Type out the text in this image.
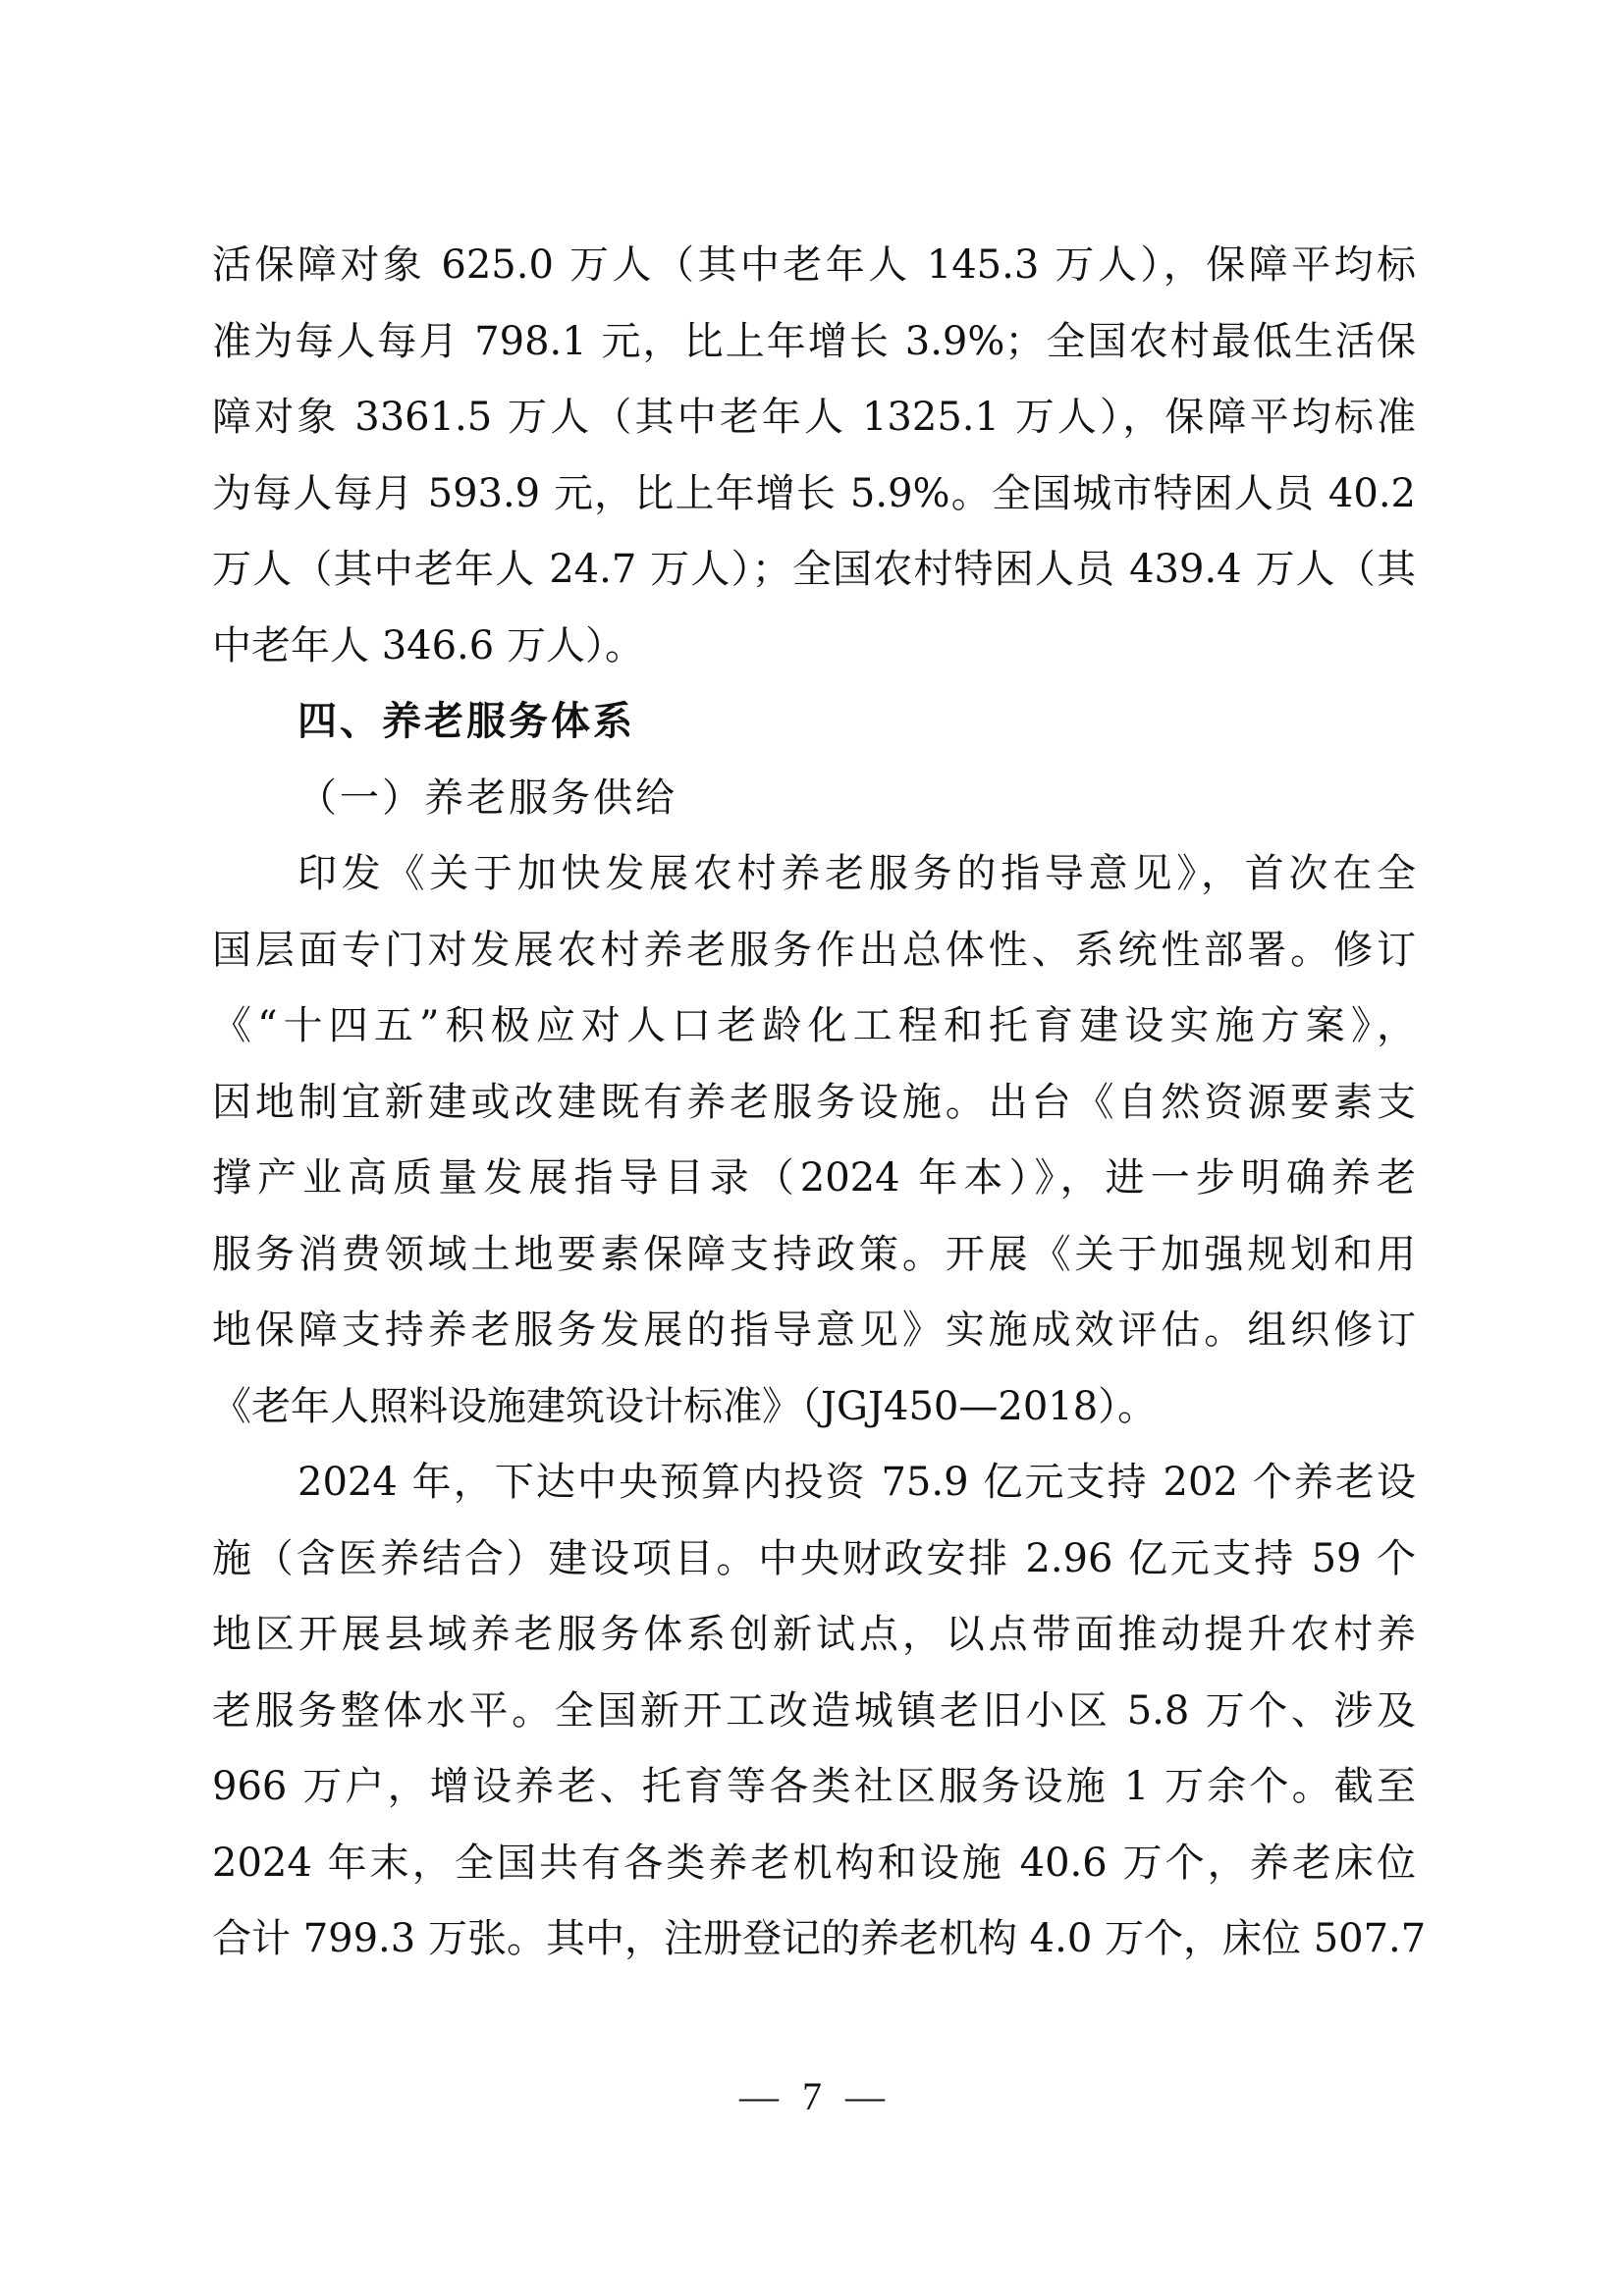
活保障对象 625.0 万人（其中老年人 145.3 万人），保障平均标
准为每人每月 798.1 元，比上年增长 3.9%；全国农村最低生活保
障对象 3361.5 万人（其中老年人 1325.1 万人），保障平均标准
为每人每月 593.9 元，比上年增长 5.9%。全国城市特困人员 40.2
万人（其中老年人 24.7 万人）；全国农村特困人员 439.4 万人（其
中老年人 346.6 万人）。
四、养老服务体系
（一）养老服务供给
印发《关于加快发展农村养老服务的指导意见》，首次在全
国层面专门对发展农村养老服务作出总体性、系统性部署。修订
《“十四五”积极应对人口老龄化工程和托育建设实施方案》，
因地制宜新建或改建既有养老服务设施。出台《自然资源要素支
撑产业高质量发展指导目录（2024 年本）》，进一步明确养老
服务消费领域土地要素保障支持政策。开展《关于加强规划和用
地保障支持养老服务发展的指导意见》实施成效评估。组织修订
《老年人照料设施建筑设计标准》（JGJ450—2018）。
2024 年，下达中央预算内投资 75.9 亿元支持 202 个养老设
施（含医养结合）建设项目。中央财政安排 2.96 亿元支持 59 个
地区开展县域养老服务体系创新试点，以点带面推动提升农村养
老服务整体水平。全国新开工改造城镇老旧小区 5.8 万个、涉及
966 万户，增设养老、托育等各类社区服务设施 1 万余个。截至
2024 年末，全国共有各类养老机构和设施 40.6 万个，养老床位
合计 799.3 万张。其中，注册登记的养老机构 4.0 万个，床位 507.7
— 7 —
